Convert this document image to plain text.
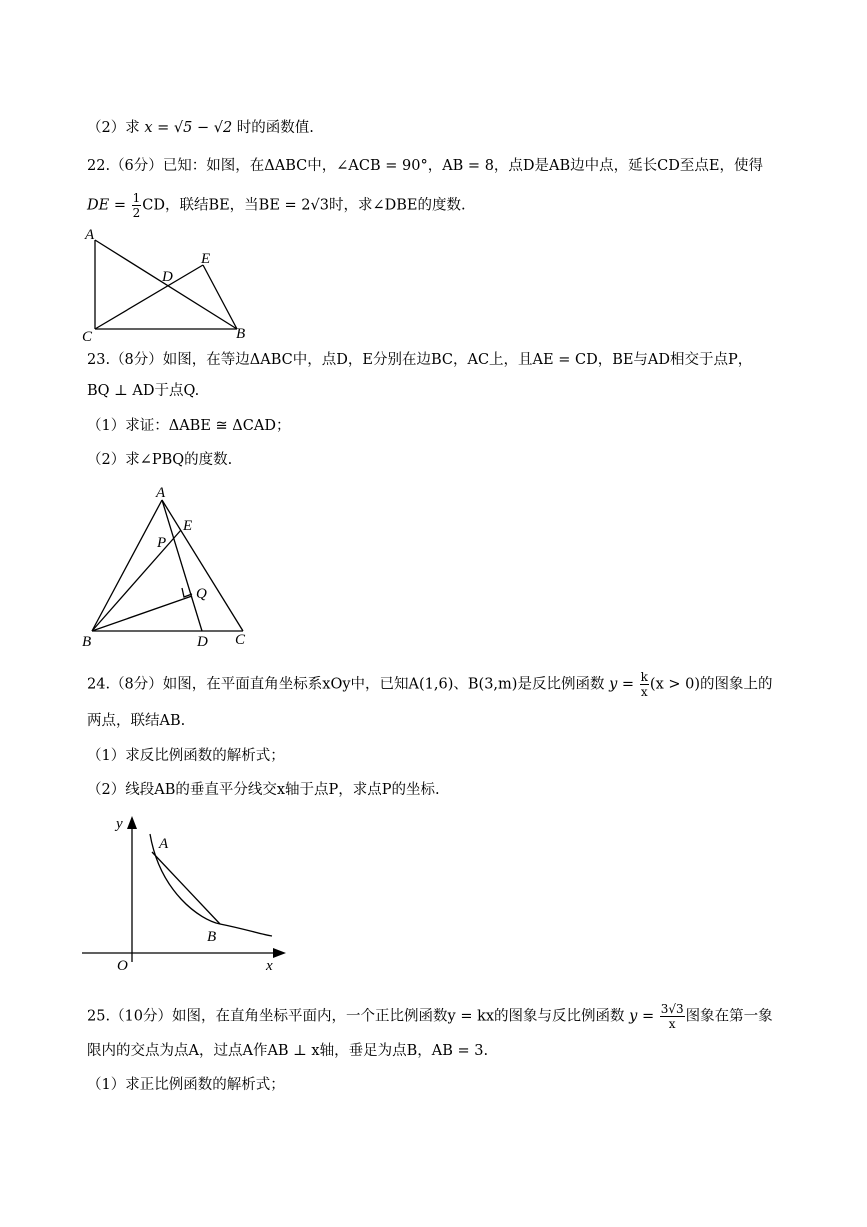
（2）求 x = √5 − √2 时的函数值.
22.（6分）已知：如图，在ΔABC中，∠ACB = 90°，AB = 8，点D是AB边中点，延长CD至点E，使得
DE = $\frac{1}{2}$ CD，联结BE，当BE = 2√3时，求∠DBE的度数.
A
C	B
D
E
23.（8分）如图，在等边ΔABC中，点D，E分别在边BC，AC上，且AE = CD，BE与AD相交于点P，
BQ ⊥ AD于点Q.
（1）求证：ΔABE ≅ ΔCAD；
（2）求∠PBQ的度数.
A
E
P
Q
B	D C
24.（8分）如图，在平面直角坐标系xOy中，已知A(1,6)、B(3,m)是反比例函数 $y = \frac{k}{x} (x > 0)$的图象上的
两点，联结AB.
（1）求反比例函数的解析式；
（2）线段AB的垂直平分线交x轴于点P，求点P的坐标.
y
x
O
A
B
25.（10分）如图，在直角坐标平面内，一个正比例函数y = kx的图象与反比例函数 $y = \frac{3√3}{x}$ 图象在第一象
限内的交点为点A，过点A作AB ⊥ x轴，垂足为点B，AB = 3.
（1）求正比例函数的解析式；
